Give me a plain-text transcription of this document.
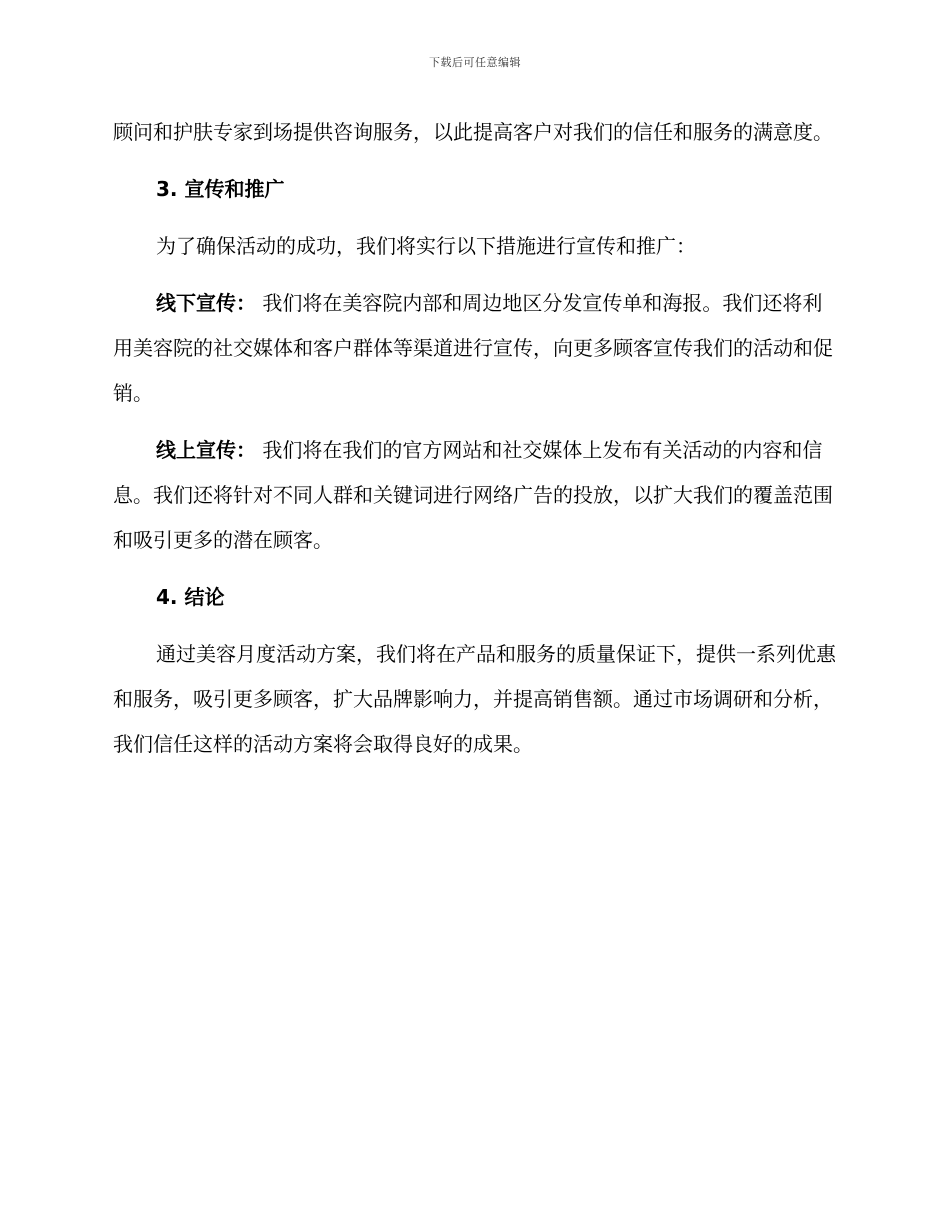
下载后可任意编辑

顾问和护肤专家到场提供咨询服务，以此提高客户对我们的信任和服务的满意度。

3. 宣传和推广

为了确保活动的成功，我们将实行以下措施进行宣传和推广：

线下宣传： 我们将在美容院内部和周边地区分发宣传单和海报。我们还将利用美容院的社交媒体和客户群体等渠道进行宣传，向更多顾客宣传我们的活动和促销。

线上宣传： 我们将在我们的官方网站和社交媒体上发布有关活动的内容和信息。我们还将针对不同人群和关键词进行网络广告的投放，以扩大我们的覆盖范围和吸引更多的潜在顾客。

4. 结论

通过美容月度活动方案，我们将在产品和服务的质量保证下，提供一系列优惠和服务，吸引更多顾客，扩大品牌影响力，并提高销售额。通过市场调研和分析，我们信任这样的活动方案将会取得良好的成果。
